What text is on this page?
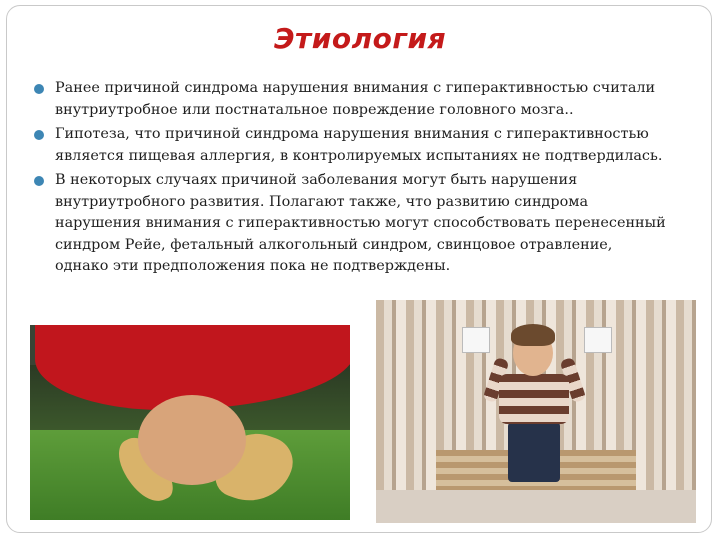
Этиология
Ранее причиной синдрома нарушения внимания с гиперактивностью считали внутриутробное или постнатальное повреждение головного мозга..
Гипотеза, что причиной синдрома нарушения внимания с гиперактивностью является пищевая аллергия, в контролируемых испытаниях не подтвердилась.
В некоторых случаях причиной заболевания могут быть нарушения внутриутробного развития. Полагают также, что развитию синдрома нарушения внимания с гиперактивностью могут способствовать перенесенный синдром Рейе, фетальный алкогольный синдром, свинцовое отравление, однако эти предположения пока не подтверждены.
